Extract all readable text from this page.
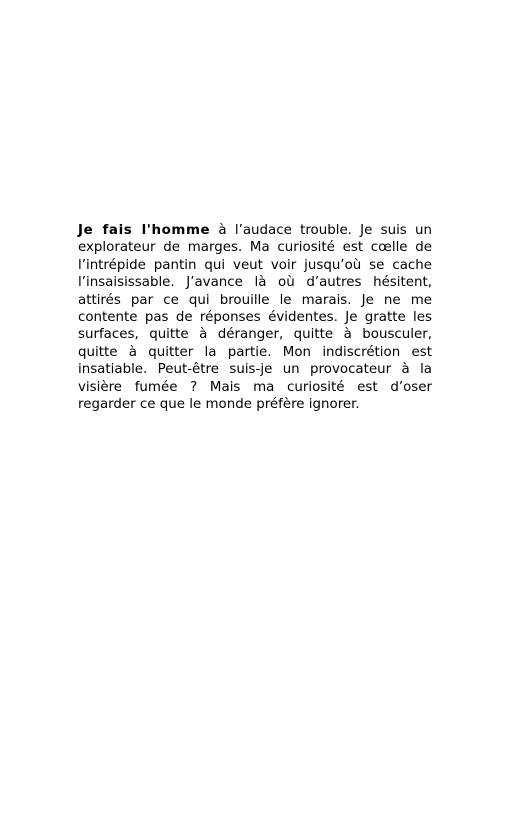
Je fais l'homme à l’audace trouble. Je suis un explorateur de marges. Ma curiosité est cœlle de l’intrépide pantin qui veut voir jusqu’où se cache l’insaisissable. J’avance là où d’autres hésitent, attirés par ce qui brouille le marais. Je ne me contente pas de réponses évidentes. Je gratte les surfaces, quitte à déranger, quitte à bousculer, quitte à quitter la partie. Mon indiscrétion est insatiable. Peut-être suis-je un provocateur à la visière fumée ? Mais ma curiosité est d’oser regarder ce que le monde préfère ignorer.
